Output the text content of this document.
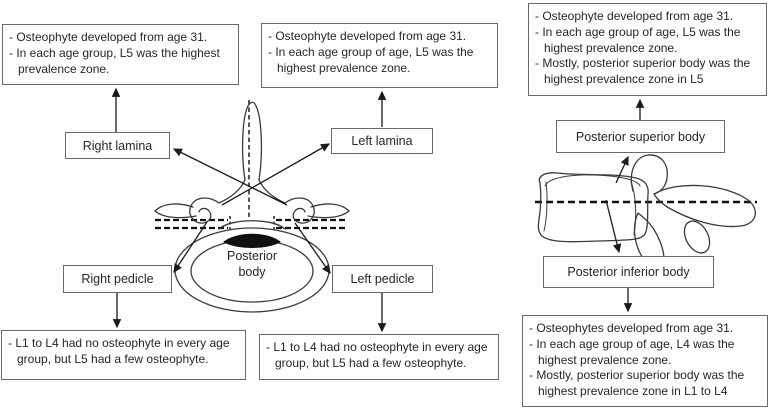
- Osteophyte developed from age 31.
- In each age group, L5 was the highest prevalence zone.
- Osteophyte developed from age 31.
- In each age group of age, L5 was the highest prevalence zone.
- L1 to L4 had no osteophyte in every age group, but L5 had a few osteophyte.
- L1 to L4 had no osteophyte in every age group, but L5 had a few osteophyte.
Right lamina	Left lamina
Right pedicle	Left pedicle
Posterior body
- Osteophyte developed from age 31.
- In each age group of age, L5 was the highest prevalence zone.
- Mostly, posterior superior body was the highest prevalence zone in L5
- Osteophytes developed from age 31.
- In each age group of age, L4 was the highest prevalence zone.
- Mostly, posterior superior body was the highest prevalence zone in L1 to L4
Posterior superior body
Posterior inferior body
